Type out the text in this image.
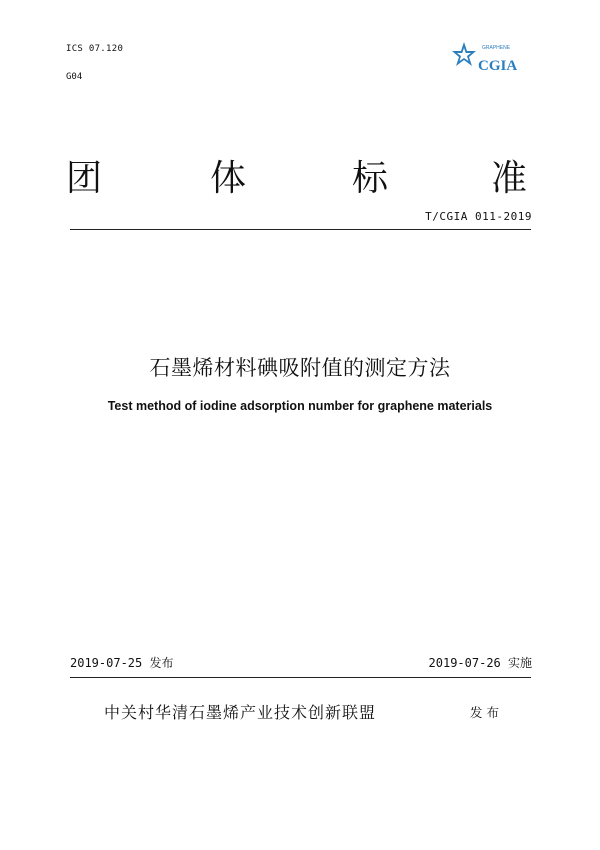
ICS 07.120
G04
GRAPHENE
CGIA
团	体	标	准
T/CGIA 011-2019
石墨烯材料碘吸附值的测定方法
Test method of iodine adsorption number for graphene materials
2019-07-25 发布	2019-07-26 实施
中关村华清石墨烯产业技术创新联盟	发布
